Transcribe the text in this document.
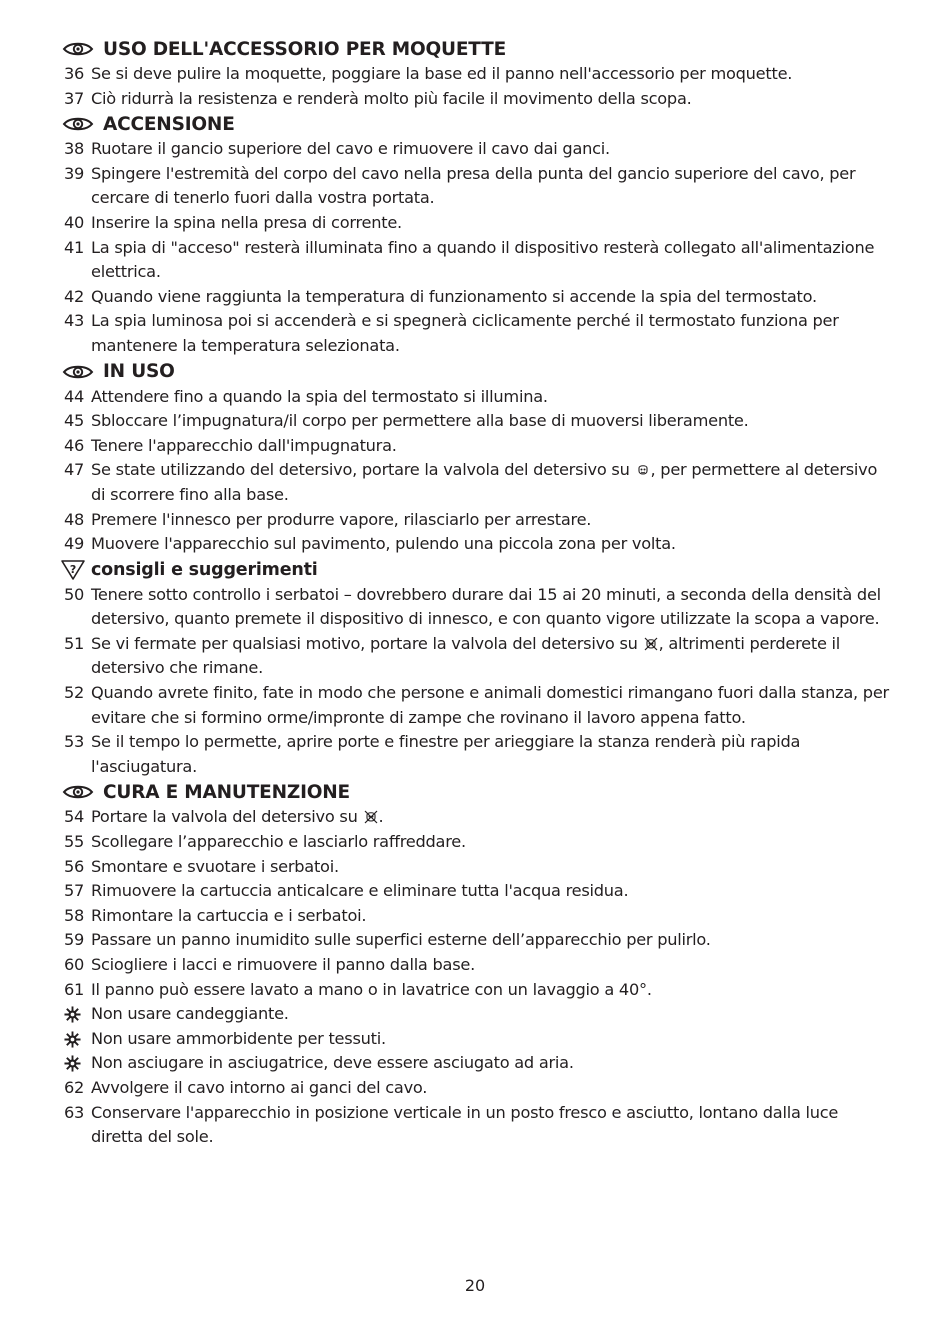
USO DELL'ACCESSORIO PER MOQUETTE
36 Se si deve pulire la moquette, poggiare la base ed il panno nell'accessorio per moquette.
37 Ciò ridurrà la resistenza e renderà molto più facile il movimento della scopa.
ACCENSIONE
38 Ruotare il gancio superiore del cavo e rimuovere il cavo dai ganci.
39 Spingere l'estremità del corpo del cavo nella presa della punta del gancio superiore del cavo, per cercare di tenerlo fuori dalla vostra portata.
40 Inserire la spina nella presa di corrente.
41 La spia di "acceso" resterà illuminata fino a quando il dispositivo resterà collegato all'alimentazione elettrica.
42 Quando viene raggiunta la temperatura di funzionamento si accende la spia del termostato.
43 La spia luminosa poi si accenderà e si spegnerà ciclicamente perché il termostato funziona per mantenere la temperatura selezionata.
IN USO
44 Attendere fino a quando la spia del termostato si illumina.
45 Sbloccare l’impugnatura/il corpo per permettere alla base di muoversi liberamente.
46 Tenere l'apparecchio dall'impugnatura.
47 Se state utilizzando del detersivo, portare la valvola del detersivo su , per permettere al detersivo di scorrere fino alla base.
48 Premere l'innesco per produrre vapore, rilasciarlo per arrestare.
49 Muovere l'apparecchio sul pavimento, pulendo una piccola zona per volta.
? consigli e suggerimenti
50 Tenere sotto controllo i serbatoi – dovrebbero durare dai 15 ai 20 minuti, a seconda della densità del detersivo, quanto premete il dispositivo di innesco, e con quanto vigore utilizzate la scopa a vapore.
51 Se vi fermate per qualsiasi motivo, portare la valvola del detersivo su , altrimenti perderete il detersivo che rimane.
52 Quando avrete finito, fate in modo che persone e animali domestici rimangano fuori dalla stanza, per evitare che si formino orme/impronte di zampe che rovinano il lavoro appena fatto.
53 Se il tempo lo permette, aprire porte e finestre per arieggiare la stanza renderà più rapida l'asciugatura.
CURA E MANUTENZIONE
54 Portare la valvola del detersivo su .
55 Scollegare l’apparecchio e lasciarlo raffreddare.
56 Smontare e svuotare i serbatoi.
57 Rimuovere la cartuccia anticalcare e eliminare tutta l'acqua residua.
58 Rimontare la cartuccia e i serbatoi.
59 Passare un panno inumidito sulle superfici esterne dell’apparecchio per pulirlo.
60 Sciogliere i lacci e rimuovere il panno dalla base.
61 Il panno può essere lavato a mano o in lavatrice con un lavaggio a 40°.
Non usare candeggiante.
Non usare ammorbidente per tessuti.
Non asciugare in asciugatrice, deve essere asciugato ad aria.
62 Avvolgere il cavo intorno ai ganci del cavo.
63 Conservare l'apparecchio in posizione verticale in un posto fresco e asciutto, lontano dalla luce diretta del sole.
20
